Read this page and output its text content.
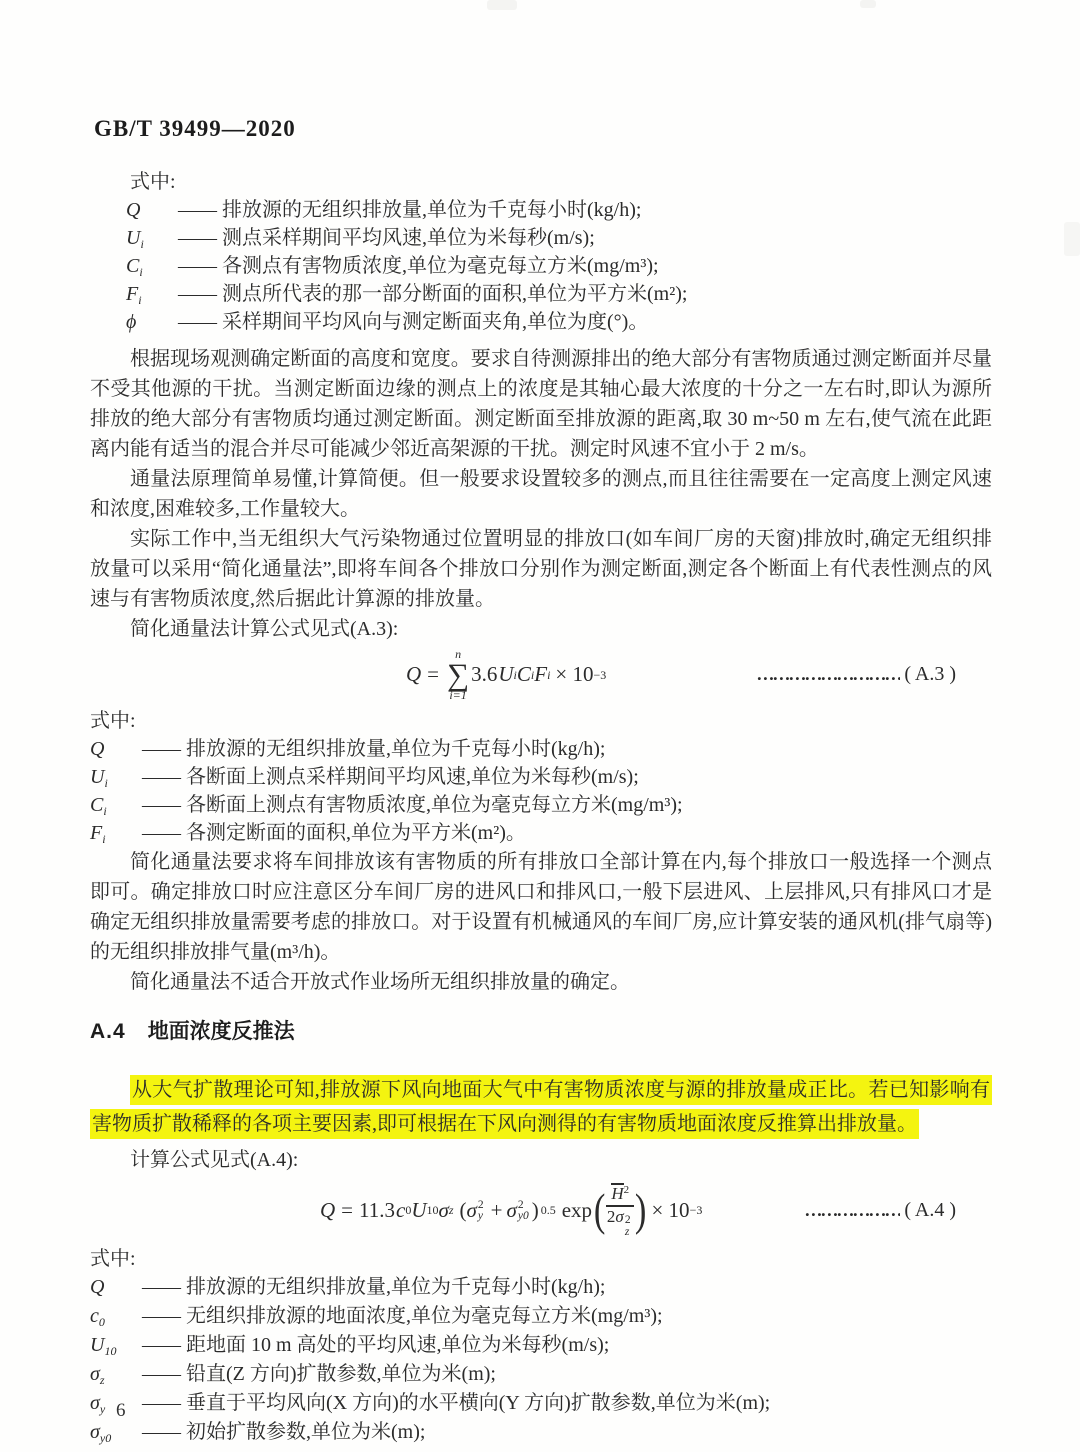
GB/T 39499—2020
式中:
Q	—— 排放源的无组织排放量,单位为千克每小时(kg/h);
$U_i$	—— 测点采样期间平均风速,单位为米每秒(m/s);
$C_i$	—— 各测点有害物质浓度,单位为毫克每立方米(mg/m³);
$F_i$	—— 测点所代表的那一部分断面的面积,单位为平方米(m²);
ϕ	—— 采样期间平均风向与测定断面夹角,单位为度(°)。

根据现场观测确定断面的高度和宽度。要求自待测源排出的绝大部分有害物质通过测定断面并尽量不受其他源的干扰。当测定断面边缘的测点上的浓度是其轴心最大浓度的十分之一左右时,即认为源所排放的绝大部分有害物质均通过测定断面。测定断面至排放源的距离,取 30 m~50 m 左右,使气流在此距离内能有适当的混合并尽可能减少邻近高架源的干扰。测定时风速不宜小于 2 m/s。

通量法原理简单易懂,计算简便。但一般要求设置较多的测点,而且往往需要在一定高度上测定风速和浓度,困难较多,工作量较大。

实际工作中,当无组织大气污染物通过位置明显的排放口(如车间厂房的天窗)排放时,确定无组织排放量可以采用“简化通量法”,即将车间各个排放口分别作为测定断面,测定各个断面上有代表性测点的风速与有害物质浓度,然后据此计算源的排放量。

简化通量法计算公式见式(A.3):

Q =
n
∑
i=1
3.6 U i C i F i × 10 −3	……………………… ( A.3 )
式中:
Q	—— 排放源的无组织排放量,单位为千克每小时(kg/h);
$U_i$	—— 各断面上测点采样期间平均风速,单位为米每秒(m/s);
$C_i$	—— 各断面上测点有害物质浓度,单位为毫克每立方米(mg/m³);
$F_i$	—— 各测定断面的面积,单位为平方米(m²)。

简化通量法要求将车间排放该有害物质的所有排放口全部计算在内,每个排放口一般选择一个测点即可。确定排放口时应注意区分车间厂房的进风口和排风口,一般下层进风、上层排风,只有排风口才是确定无组织排放量需要考虑的排放口。对于设置有机械通风的车间厂房,应计算安装的通风机(排气扇等)的无组织排放排气量(m³/h)。

简化通量法不适合开放式作业场所无组织排放量的确定。

A.4 地面浓度反推法

从大气扩散理论可知,排放源下风向地面大气中有害物质浓度与源的排放量成正比。若已知影响有害物质扩散稀释的各项主要因素,即可根据在下风向测得的有害物质地面浓度反推算出排放量。

计算公式见式(A.4):

Q = 11.3 c 0 U 10 σ z ( σ 2
y + σ 2
y0 ) 0.5 exp ( $H^2$
2σ 2
z ) × 10 −3	……………… ( A.4 )
式中:
Q	—— 排放源的无组织排放量,单位为千克每小时(kg/h);
$c_0$	—— 无组织排放源的地面浓度,单位为毫克每立方米(mg/m³);
$U_{10}$	—— 距地面 10 m 高处的平均风速,单位为米每秒(m/s);
$\sigma_z$	—— 铅直(Z 方向)扩散参数,单位为米(m);
$\sigma_y$	—— 垂直于平均风向(X 方向)的水平横向(Y 方向)扩散参数,单位为米(m);
$\sigma_{y0}$	—— 初始扩散参数,单位为米(m);
6
